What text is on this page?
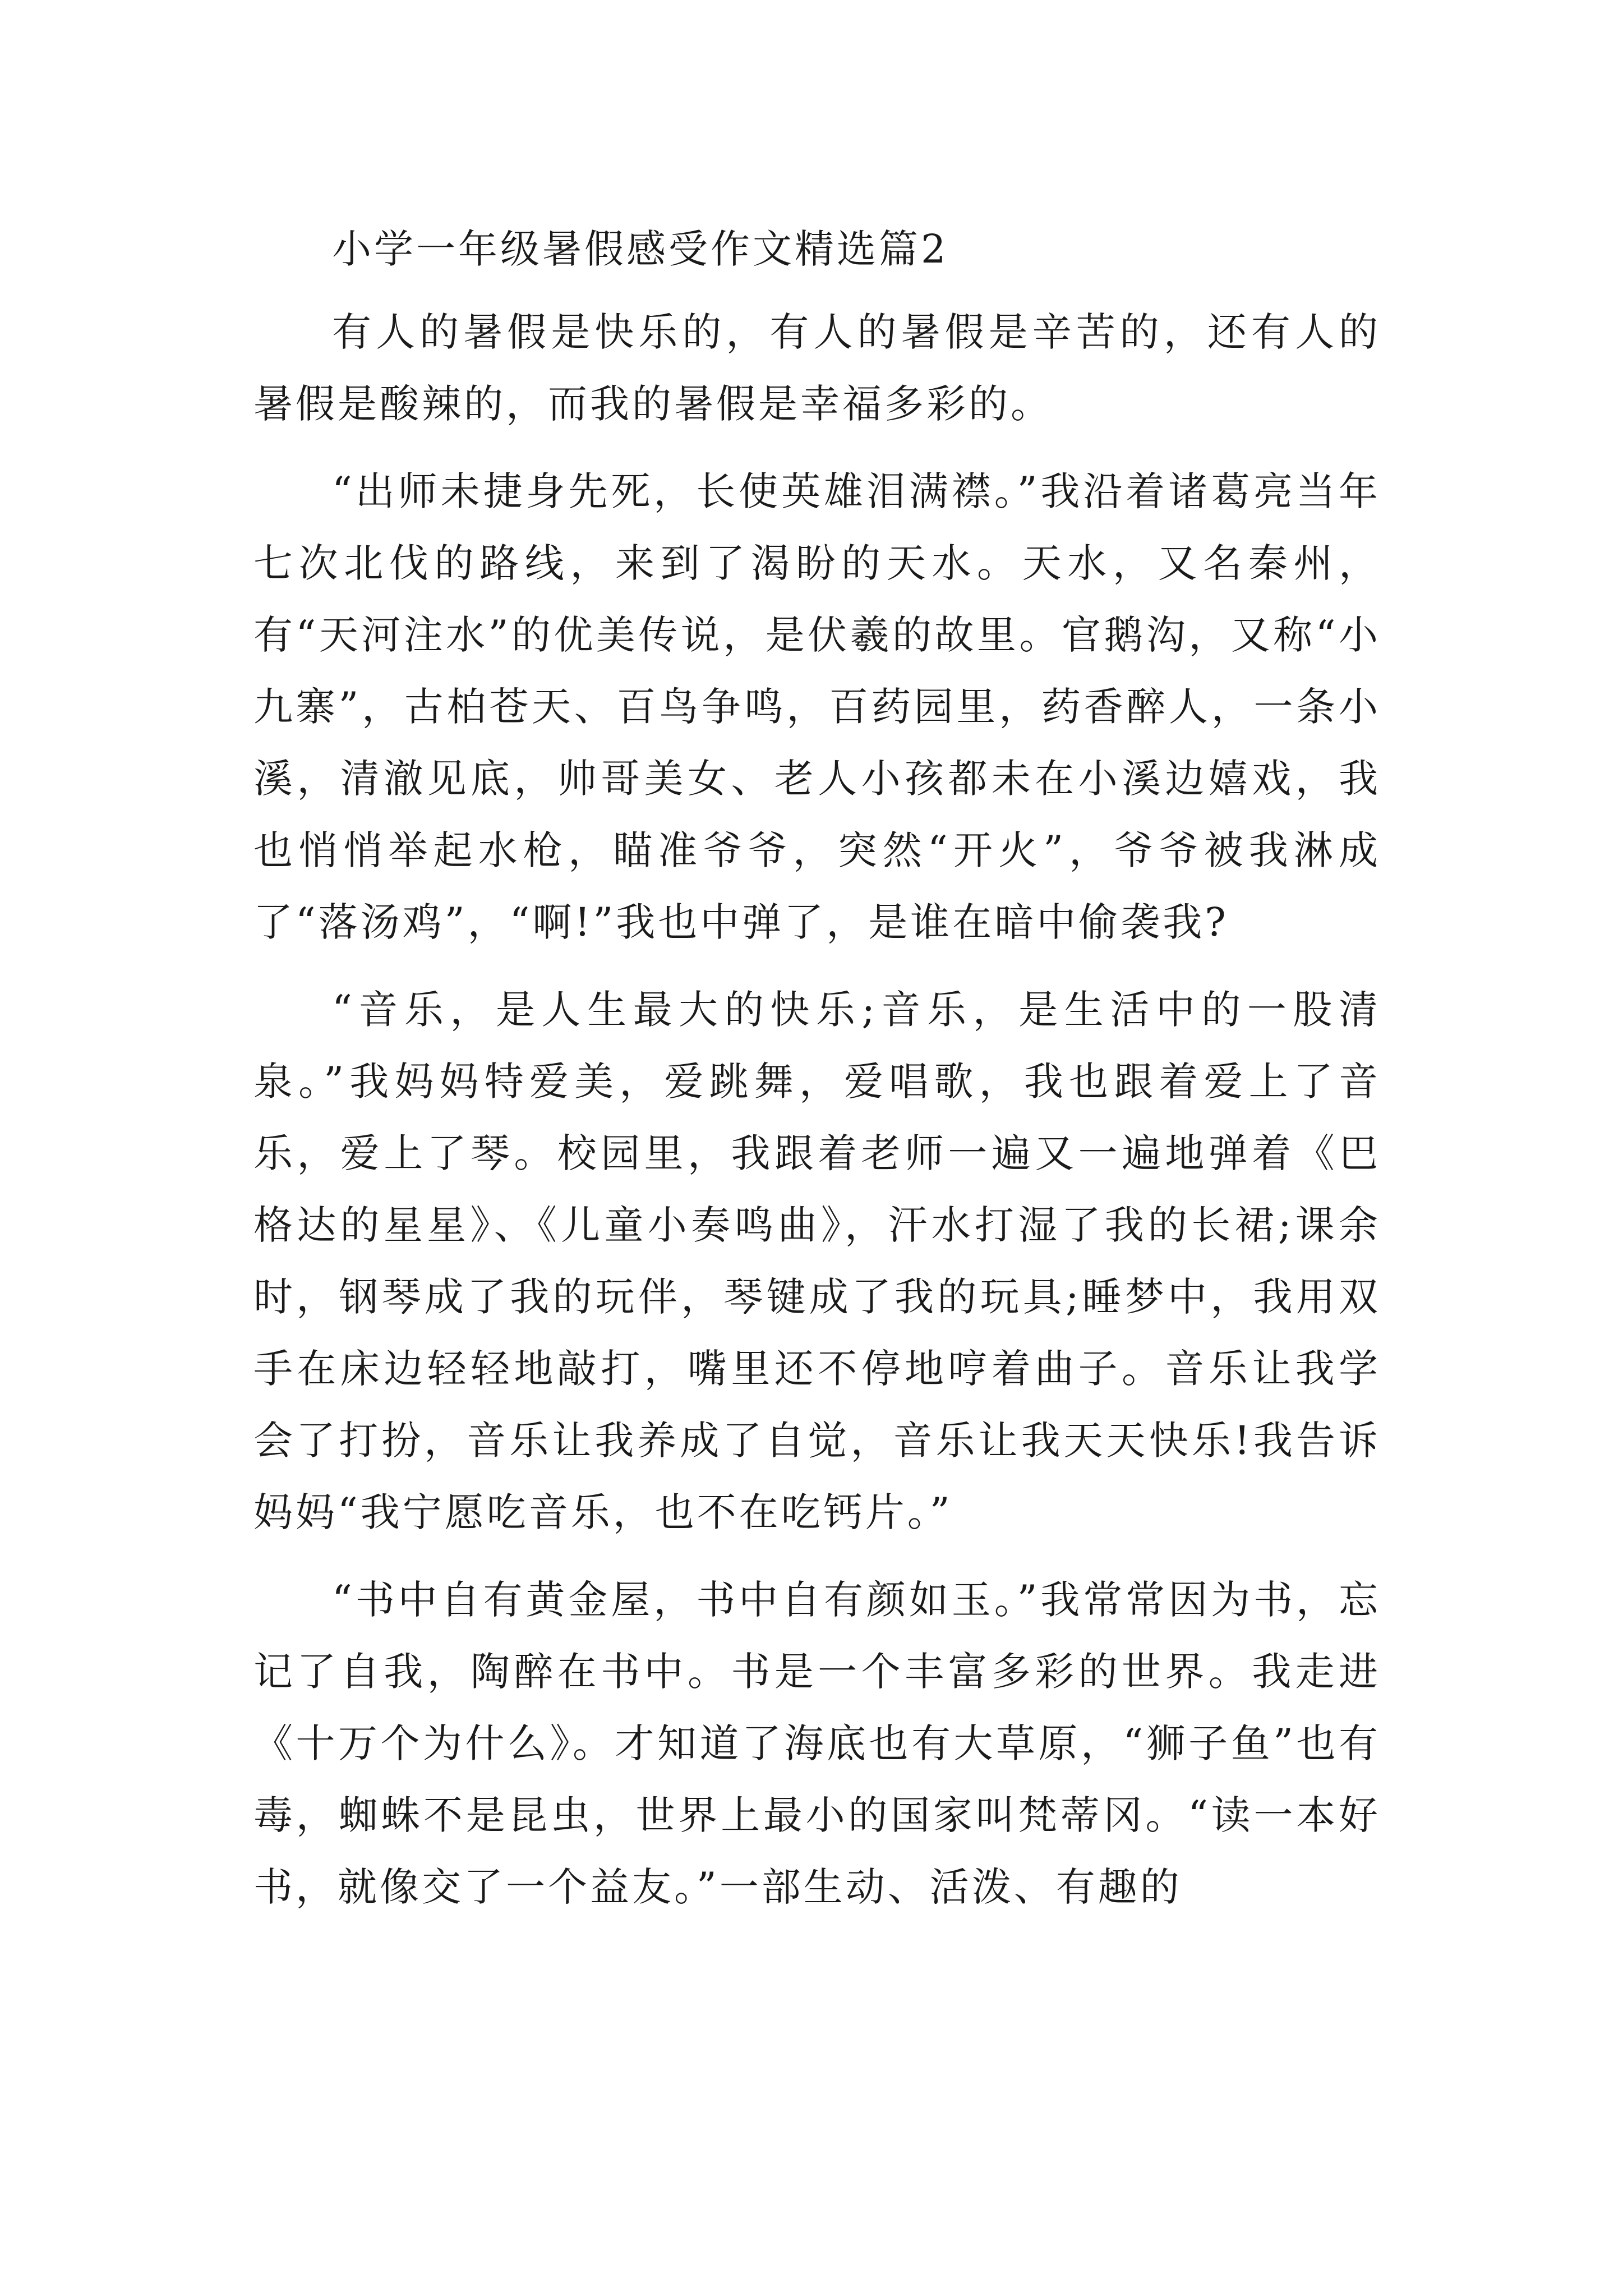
小学一年级暑假感受作文精选篇2

有人的暑假是快乐的，有人的暑假是辛苦的，还有人的暑假是酸辣的，而我的暑假是幸福多彩的。

“出师未捷身先死，长使英雄泪满襟。”我沿着诸葛亮当年七次北伐的路线，来到了渴盼的天水。天水，又名秦州，有“天河注水”的优美传说，是伏羲的故里。官鹅沟，又称“小九寨”，古柏苍天、百鸟争鸣，百药园里，药香醉人，一条小溪，清澈见底，帅哥美女、老人小孩都未在小溪边嬉戏，我也悄悄举起水枪，瞄准爷爷，突然“开火”，爷爷被我淋成了“落汤鸡”，“啊!”我也中弹了，是谁在暗中偷袭我?

“音乐，是人生最大的快乐;音乐，是生活中的一股清泉。”我妈妈特爱美，爱跳舞，爱唱歌，我也跟着爱上了音乐，爱上了琴。校园里，我跟着老师一遍又一遍地弹着《巴格达的星星》、《儿童小奏鸣曲》，汗水打湿了我的长裙;课余时，钢琴成了我的玩伴，琴键成了我的玩具;睡梦中，我用双手在床边轻轻地敲打，嘴里还不停地哼着曲子。音乐让我学会了打扮，音乐让我养成了自觉，音乐让我天天快乐!我告诉妈妈“我宁愿吃音乐，也不在吃钙片。”

“书中自有黄金屋，书中自有颜如玉。”我常常因为书，忘记了自我，陶醉在书中。书是一个丰富多彩的世界。我走进《十万个为什么》。才知道了海底也有大草原，“狮子鱼”也有毒，蜘蛛不是昆虫，世界上最小的国家叫梵蒂冈。“读一本好书，就像交了一个益友。”一部生动、活泼、有趣的
